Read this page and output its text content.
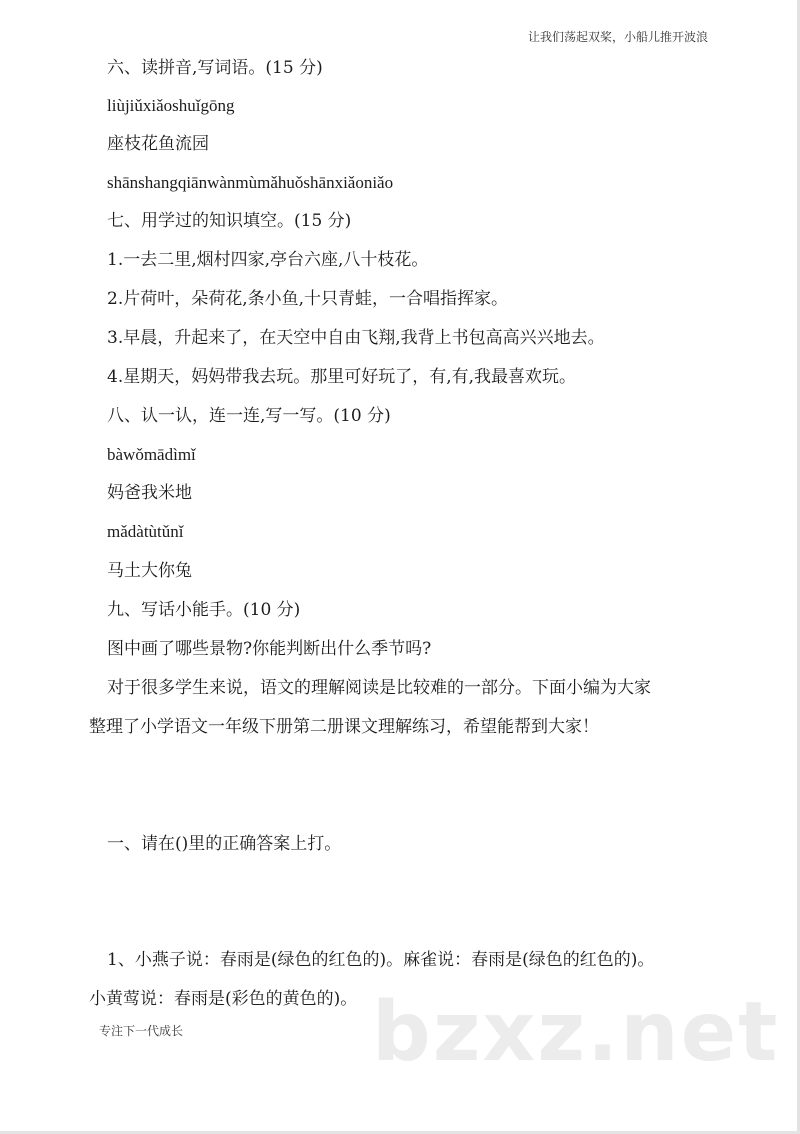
让我们荡起双桨，小船儿推开波浪
六、读拼音,写词语。(15 分)
liùjiǔxiǎoshuǐgōng
座枝花鱼流园
shānshangqiānwànmùmǎhuǒshānxiǎoniǎo
七、用学过的知识填空。(15 分)
1.一去二里,烟村四家,亭台六座,八十枝花。
2.片荷叶，朵荷花,条小鱼,十只青蛙，一合唱指挥家。
3.早晨，升起来了，在天空中自由飞翔,我背上书包高高兴兴地去。
4.星期天，妈妈带我去玩。那里可好玩了，有,有,我最喜欢玩。
八、认一认，连一连,写一写。(10 分)
bàwǒmādìmǐ
妈爸我米地
mǎdàtùtǔnǐ
马土大你兔
九、写话小能手。(10 分)
图中画了哪些景物?你能判断出什么季节吗?
对于很多学生来说，语文的理解阅读是比较难的一部分。下面小编为大家
整理了小学语文一年级下册第二册课文理解练习，希望能帮到大家！
一、请在()里的正确答案上打。
1、小燕子说：春雨是(绿色的红色的)。麻雀说：春雨是(绿色的红色的)。
小黄莺说：春雨是(彩色的黄色的)。 bzxz.net
专注下一代成长
